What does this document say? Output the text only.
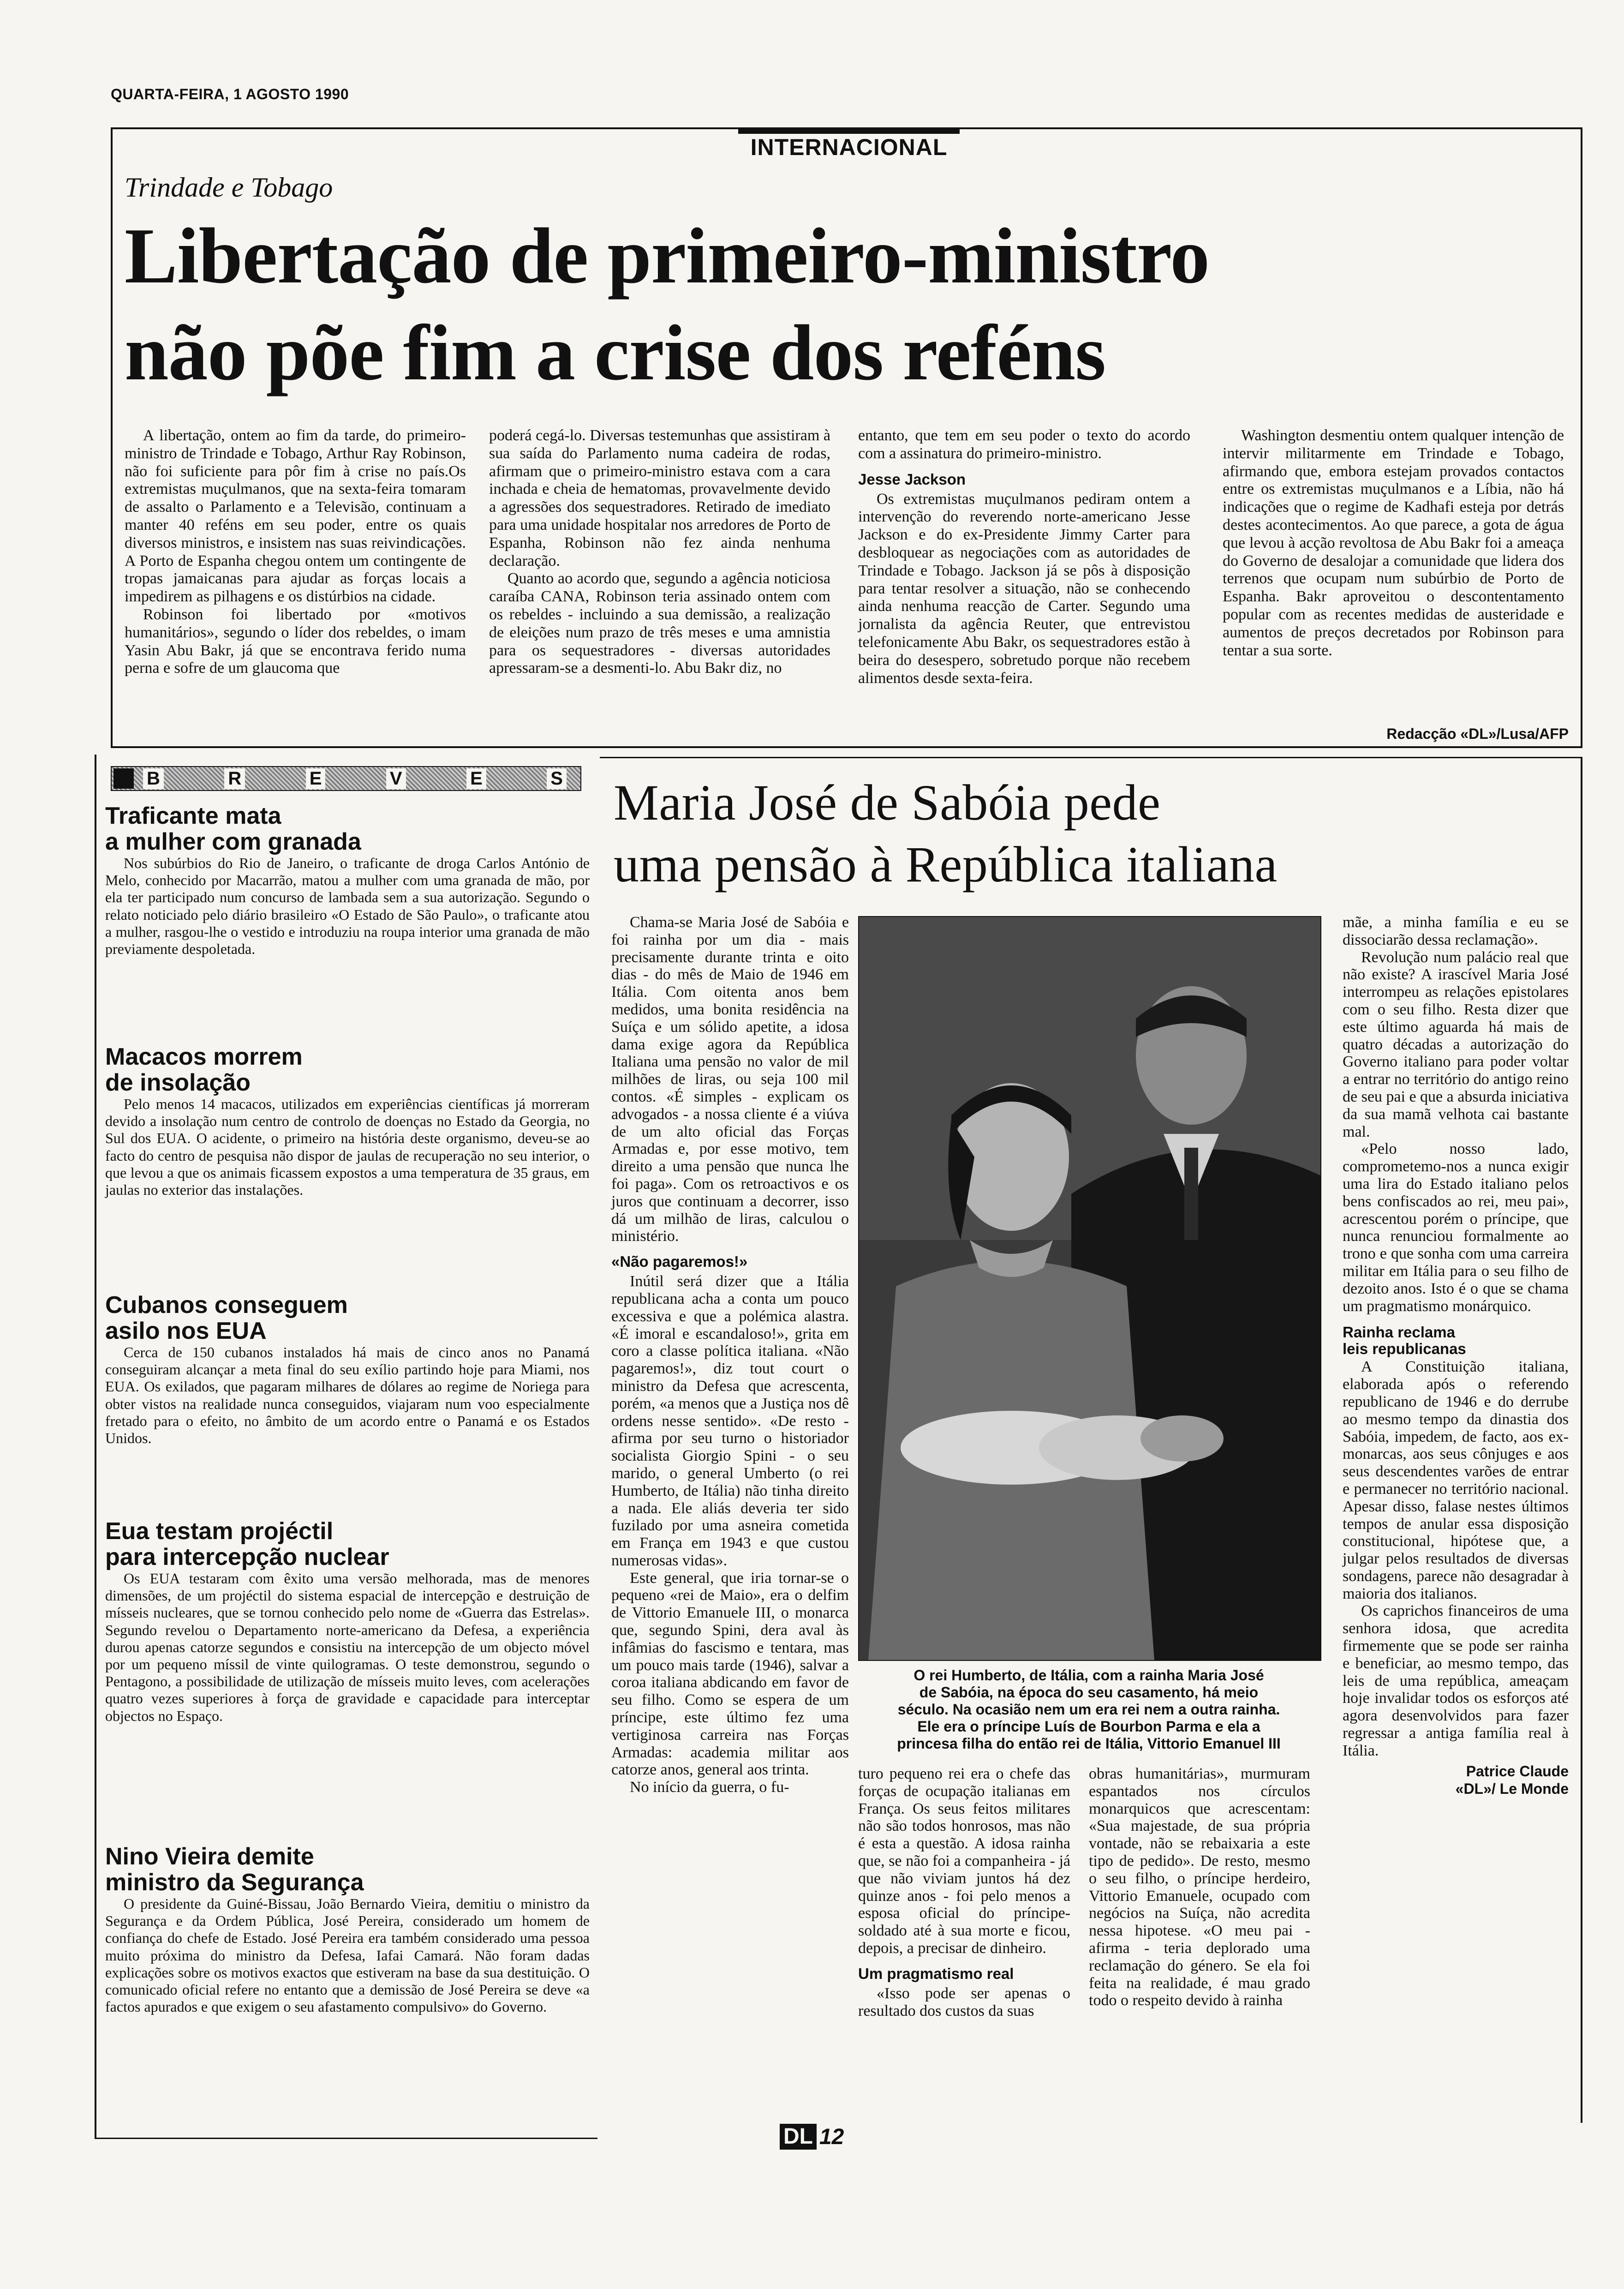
QUARTA-FEIRA, 1 AGOSTO 1990
INTERNACIONAL
Trindade e Tobago
Libertação de primeiro-ministro
não põe fim a crise dos reféns

A libertação, ontem ao fim da tarde, do primeiro-ministro de Trindade e Tobago, Arthur Ray Robinson, não foi suficiente para pôr fim à crise no país.Os extremistas muçulmanos, que na sexta-feira tomaram de assalto o Parlamento e a Televisão, continuam a manter 40 reféns em seu poder, entre os quais diversos ministros, e insistem nas suas reivindicações. A Porto de Espanha chegou ontem um contingente de tropas jamaicanas para ajudar as forças locais a impedirem as pilhagens e os distúrbios na cidade.

Robinson foi libertado por «motivos humanitários», segundo o líder dos rebeldes, o imam Yasin Abu Bakr, já que se encontrava ferido numa perna e sofre de um glaucoma que

poderá cegá-lo. Diversas testemunhas que assistiram à sua saída do Parlamento numa cadeira de rodas, afirmam que o primeiro-ministro estava com a cara inchada e cheia de hematomas, provavelmente devido a agressões dos sequestradores. Retirado de imediato para uma unidade hospitalar nos arredores de Porto de Espanha, Robinson não fez ainda nenhuma declaração.

Quanto ao acordo que, segundo a agência noticiosa caraíba CANA, Robinson teria assinado ontem com os rebeldes - incluindo a sua demissão, a realização de eleições num prazo de três meses e uma amnistia para os sequestradores - diversas autoridades apressaram-se a desmenti-lo. Abu Bakr diz, no

entanto, que tem em seu poder o texto do acordo com a assinatura do primeiro-ministro.

Jesse Jackson

Os extremistas muçulmanos pediram ontem a intervenção do reverendo norte-americano Jesse Jackson e do ex-Presidente Jimmy Carter para desbloquear as negociações com as autoridades de Trindade e Tobago. Jackson já se pôs à disposição para tentar resolver a situação, não se conhecendo ainda nenhuma reacção de Carter. Segundo uma jornalista da agência Reuter, que entrevistou telefonicamente Abu Bakr, os sequestradores estão à beira do desespero, sobretudo porque não recebem alimentos desde sexta-feira.

Washington desmentiu ontem qualquer intenção de intervir militarmente em Trindade e Tobago, afirmando que, embora estejam provados contactos entre os extremistas muçulmanos e a Líbia, não há indicações que o regime de Kadhafi esteja por detrás destes acontecimentos. Ao que parece, a gota de água que levou à acção revoltosa de Abu Bakr foi a ameaça do Governo de desalojar a comunidade que lidera dos terrenos que ocupam num subúrbio de Porto de Espanha. Bakr aproveitou o descontentamento popular com as recentes medidas de austeridade e aumentos de preços decretados por Robinson para tentar a sua sorte.

Redacção «DL»/Lusa/AFP
B	R	E	V	E	S
Traficante mata
a mulher com granada

Nos subúrbios do Rio de Janeiro, o traficante de droga Carlos António de Melo, conhecido por Macarrão, matou a mulher com uma granada de mão, por ela ter participado num concurso de lambada sem a sua autorização. Segundo o relato noticiado pelo diário brasileiro «O Estado de São Paulo», o traficante atou a mulher, rasgou-lhe o vestido e introduziu na roupa interior uma granada de mão previamente despoletada.

Macacos morrem
de insolação

Pelo menos 14 macacos, utilizados em experiências científicas já morreram devido a insolação num centro de controlo de doenças no Estado da Georgia, no Sul dos EUA. O acidente, o primeiro na história deste organismo, deveu-se ao facto do centro de pesquisa não dispor de jaulas de recuperação no seu interior, o que levou a que os animais ficassem expostos a uma temperatura de 35 graus, em jaulas no exterior das instalações.

Cubanos conseguem
asilo nos EUA

Cerca de 150 cubanos instalados há mais de cinco anos no Panamá conseguiram alcançar a meta final do seu exílio partindo hoje para Miami, nos EUA. Os exilados, que pagaram milhares de dólares ao regime de Noriega para obter vistos na realidade nunca conseguidos, viajaram num voo especialmente fretado para o efeito, no âmbito de um acordo entre o Panamá e os Estados Unidos.

Eua testam projéctil
para intercepção nuclear

Os EUA testaram com êxito uma versão melhorada, mas de menores dimensões, de um projéctil do sistema espacial de intercepção e destruição de mísseis nucleares, que se tornou conhecido pelo nome de «Guerra das Estrelas». Segundo revelou o Departamento norte-americano da Defesa, a experiência durou apenas catorze segundos e consistiu na intercepção de um objecto móvel por um pequeno míssil de vinte quilogramas. O teste demonstrou, segundo o Pentagono, a possibilidade de utilização de mísseis muito leves, com acelerações quatro vezes superiores à força de gravidade e capacidade para interceptar objectos no Espaço.

Nino Vieira demite
ministro da Segurança

O presidente da Guiné-Bissau, João Bernardo Vieira, demitiu o ministro da Segurança e da Ordem Pública, José Pereira, considerado um homem de confiança do chefe de Estado. José Pereira era também considerado uma pessoa muito próxima do ministro da Defesa, Iafai Camará. Não foram dadas explicações sobre os motivos exactos que estiveram na base da sua destituição. O comunicado oficial refere no entanto que a demissão de José Pereira se deve «a factos apurados e que exigem o seu afastamento compulsivo» do Governo.

Maria José de Sabóia pede
uma pensão à República italiana

Chama-se Maria José de Sabóia e foi rainha por um dia - mais precisamente durante trinta e oito dias - do mês de Maio de 1946 em Itália. Com oitenta anos bem medidos, uma bonita residência na Suíça e um sólido apetite, a idosa dama exige agora da República Italiana uma pensão no valor de mil milhões de liras, ou seja 100 mil contos. «É simples - explicam os advogados - a nossa cliente é a viúva de um alto oficial das Forças Armadas e, por esse motivo, tem direito a uma pensão que nunca lhe foi paga». Com os retroactivos e os juros que continuam a decorrer, isso dá um milhão de liras, calculou o ministério.

«Não pagaremos!»

Inútil será dizer que a Itália republicana acha a conta um pouco excessiva e que a polémica alastra. «É imoral e escandaloso!», grita em coro a classe política italiana. «Não pagaremos!», diz tout court o ministro da Defesa que acrescenta, porém, «a menos que a Justiça nos dê ordens nesse sentido». «De resto - afirma por seu turno o historiador socialista Giorgio Spini - o seu marido, o general Umberto (o rei Humberto, de Itália) não tinha direito a nada. Ele aliás deveria ter sido fuzilado por uma asneira cometida em França em 1943 e que custou numerosas vidas».

Este general, que iria tornar-se o pequeno «rei de Maio», era o delfim de Vittorio Emanuele III, o monarca que, segundo Spini, dera aval às infâmias do fascismo e tentara, mas um pouco mais tarde (1946), salvar a coroa italiana abdicando em favor de seu filho. Como se espera de um príncipe, este último fez uma vertiginosa carreira nas Forças Armadas: academia militar aos catorze anos, general aos trinta.

No início da guerra, o fu-

O rei Humberto, de Itália, com a rainha Maria José
de Sabóia, na época do seu casamento, há meio
século. Na ocasião nem um era rei nem a outra rainha.
Ele era o príncipe Luís de Bourbon Parma e ela a
princesa filha do então rei de Itália, Vittorio Emanuel III

turo pequeno rei era o chefe das forças de ocupação italianas em França. Os seus feitos militares não são todos honrosos, mas não é esta a questão. A idosa rainha que, se não foi a companheira - já que não viviam juntos há dez quinze anos - foi pelo menos a esposa oficial do príncipe-soldado até à sua morte e ficou, depois, a precisar de dinheiro.

Um pragmatismo real

«Isso pode ser apenas o resultado dos custos da suas

obras humanitárias», murmuram espantados nos círculos monarquicos que acrescentam: «Sua majestade, de sua própria vontade, não se rebaixaria a este tipo de pedido». De resto, mesmo o seu filho, o príncipe herdeiro, Vittorio Emanuele, ocupado com negócios na Suíça, não acredita nessa hipotese. «O meu pai - afirma - teria deplorado uma reclamação do género. Se ela foi feita na realidade, é mau grado todo o respeito devido à rainha

mãe, a minha família e eu se dissociarão dessa reclamação».

Revolução num palácio real que não existe? A irascível Maria José interrompeu as relações epistolares com o seu filho. Resta dizer que este último aguarda há mais de quatro décadas a autorização do Governo italiano para poder voltar a entrar no território do antigo reino de seu pai e que a absurda iniciativa da sua mamã velhota cai bastante mal.

«Pelo nosso lado, comprometemo-nos a nunca exigir uma lira do Estado italiano pelos bens confiscados ao rei, meu pai», acrescentou porém o príncipe, que nunca renunciou formalmente ao trono e que sonha com uma carreira militar em Itália para o seu filho de dezoito anos. Isto é o que se chama um pragmatismo monárquico.

Rainha reclama
leis republicanas

A Constituição italiana, elaborada após o referendo republicano de 1946 e do derrube ao mesmo tempo da dinastia dos Sabóia, impedem, de facto, aos ex-monarcas, aos seus cônjuges e aos seus descendentes varões de entrar e permanecer no território nacional. Apesar disso, falase nestes últimos tempos de anular essa disposição constitucional, hipótese que, a julgar pelos resultados de diversas sondagens, parece não desagradar à maioria dos italianos.

Os caprichos financeiros de uma senhora idosa, que acredita firmemente que se pode ser rainha e beneficiar, ao mesmo tempo, das leis de uma república, ameaçam hoje invalidar todos os esforços até agora desenvolvidos para fazer regressar a antiga família real à Itália.

Patrice Claude
«DL»/ Le Monde
DL 12
